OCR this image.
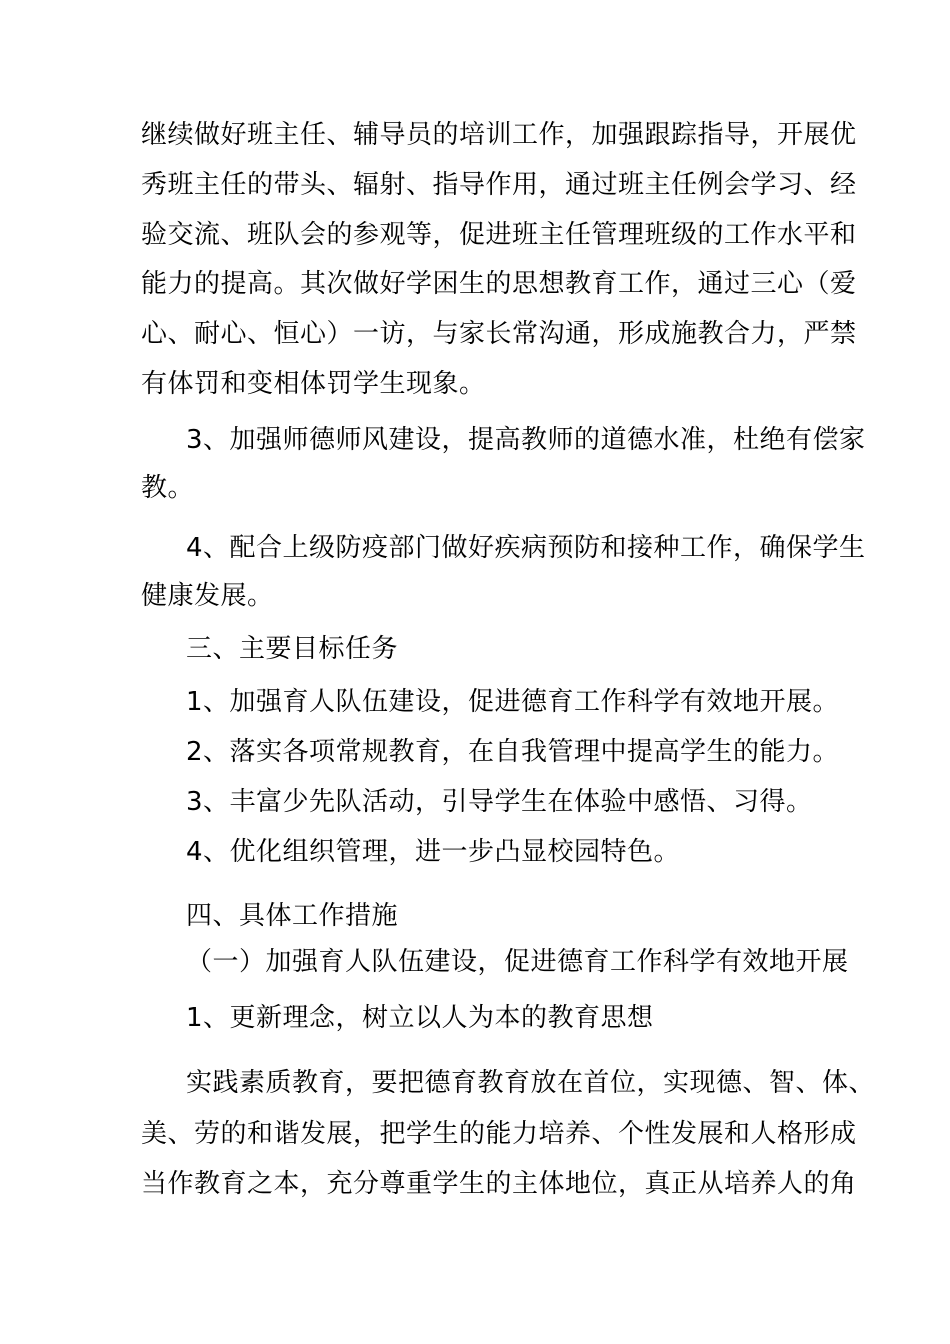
继续做好班主任、辅导员的培训工作，加强跟踪指导，开展优
秀班主任的带头、辐射、指导作用，通过班主任例会学习、经
验交流、班队会的参观等，促进班主任管理班级的工作水平和
能力的提高。其次做好学困生的思想教育工作，通过三心（爱
心、耐心、恒心）一访，与家长常沟通，形成施教合力，严禁
有体罚和变相体罚学生现象。
3、加强师德师风建设，提高教师的道德水准，杜绝有偿家
教。
4、配合上级防疫部门做好疾病预防和接种工作，确保学生
健康发展。
三、主要目标任务
1、加强育人队伍建设，促进德育工作科学有效地开展。
2、落实各项常规教育，在自我管理中提高学生的能力。
3、丰富少先队活动，引导学生在体验中感悟、习得。
4、优化组织管理，进一步凸显校园特色。
四、具体工作措施
（一）加强育人队伍建设，促进德育工作科学有效地开展
1、更新理念，树立以人为本的教育思想
实践素质教育，要把德育教育放在首位，实现德、智、体、
美、劳的和谐发展，把学生的能力培养、个性发展和人格形成
当作教育之本，充分尊重学生的主体地位，真正从培养人的角
